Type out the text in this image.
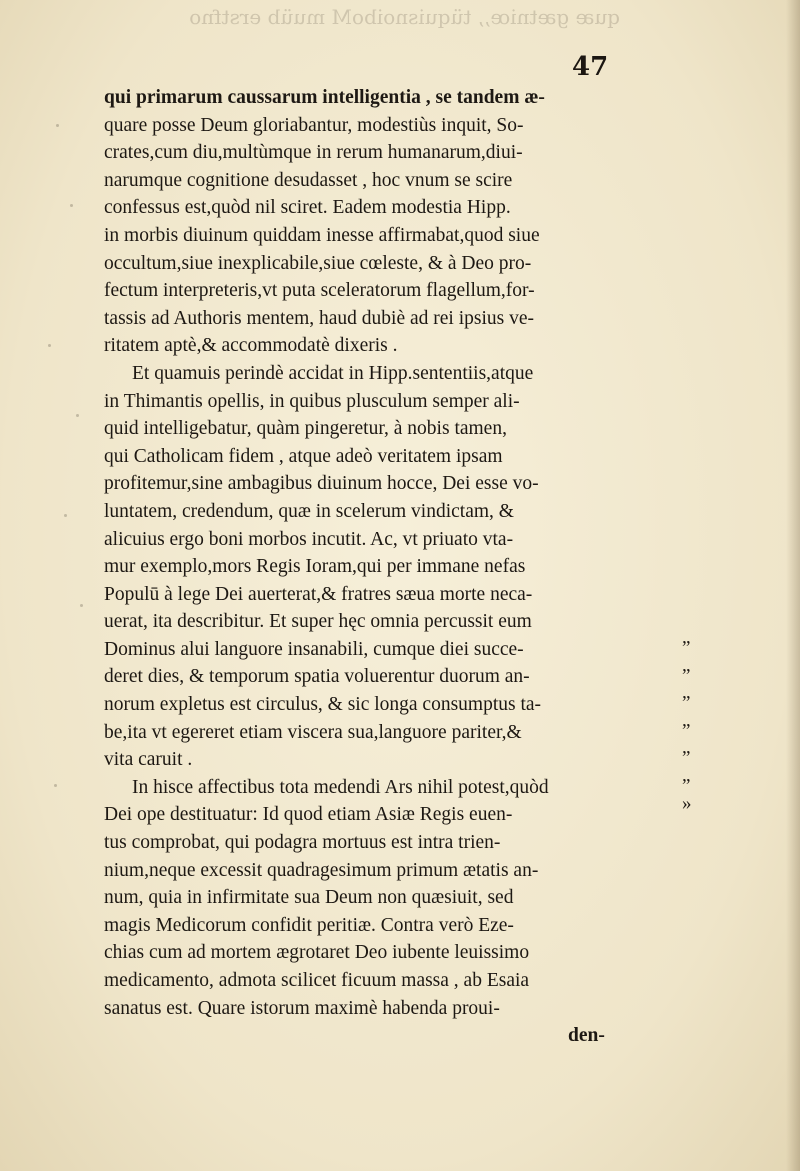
quæ gætniœ,, tüquisnoiboM muüb erstfno
47
qui primarum caussarum intelligentia , se tandem æ-
quare posse Deum gloriabantur, modestiùs inquit, So-
crates,cum diu,multùmque in rerum humanarum,diui-
narumque cognitione desudasset , hoc vnum se scire
confessus est,quòd nil sciret. Eadem modestia Hipp.
in morbis diuinum quiddam inesse affirmabat,quod siue
occultum,siue inexplicabile,siue cœleste, & à Deo pro-
fectum interpreteris,vt puta sceleratorum flagellum,for-
tassis ad Authoris mentem, haud dubiè ad rei ipsius ve-
ritatem aptè,& accommodatè dixeris .
Et quamuis perindè accidat in Hipp.sententiis,atque
in Thimantis opellis, in quibus plusculum semper ali-
quid intelligebatur, quàm pingeretur, à nobis tamen,
qui Catholicam fidem , atque adeò veritatem ipsam
profitemur,sine ambagibus diuinum hocce, Dei esse vo-
luntatem, credendum, quæ in scelerum vindictam, &
alicuius ergo boni morbos incutit. Ac, vt priuato vta-
mur exemplo,mors Regis Ioram,qui per immane nefas
Populū à lege Dei auerterat,& fratres sæua morte neca-
uerat, ita describitur. Et super hęc omnia percussit eum
Dominus alui languore insanabili, cumque diei succe-
deret dies, & temporum spatia voluerentur duorum an-
norum expletus est circulus, & sic longa consumptus ta-
be,ita vt egereret etiam viscera sua,languore pariter,&
vita caruit .
In hisce affectibus tota medendi Ars nihil potest,quòd
Dei ope destituatur: Id quod etiam Asiæ Regis euen-
tus comprobat, qui podagra mortuus est intra trien-
nium,neque excessit quadragesimum primum ætatis an-
num, quia in infirmitate sua Deum non quæsiuit, sed
magis Medicorum confidit peritiæ. Contra verò Eze-
chias cum ad mortem ægrotaret Deo iubente leuissimo
medicamento, admota scilicet ficuum massa , ab Esaia
sanatus est. Quare istorum maximè habenda proui-
„
„
„
„
„
„
»
den-
